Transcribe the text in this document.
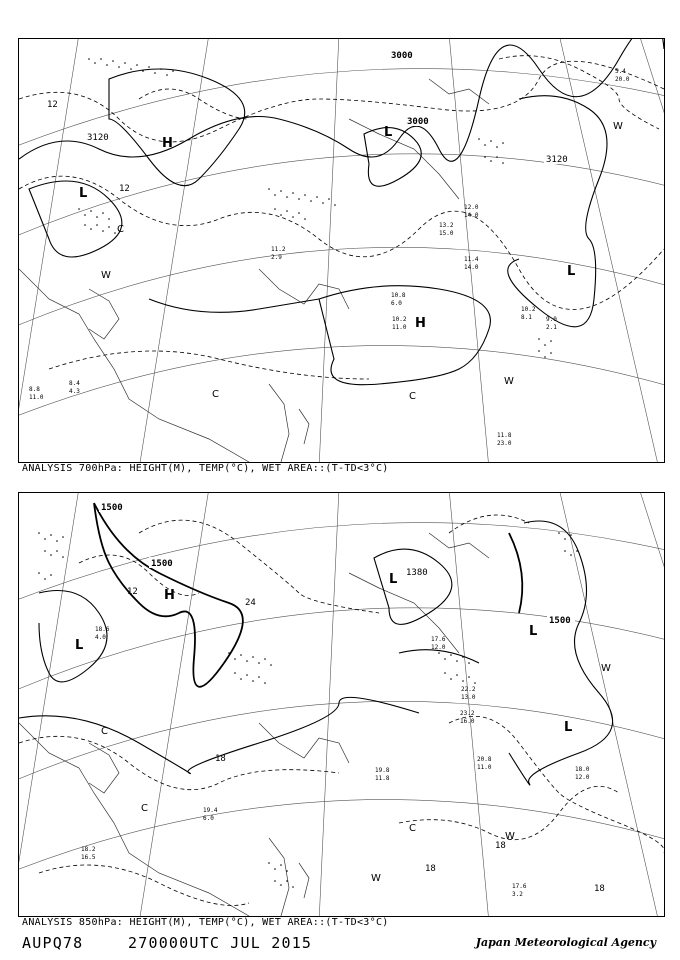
11.8
23.0
10.2
11.0
10.8
6.0
12.0
14.0
11.4
14.0
13.2
15.0
9.0
2.1
10.2
8.1
8.4
4.3
8.8
11.0
11.2
2.9
5.4
20.0
3000
3000
3120
3120
12
12
H
H
L
L
L
C
C	C
W
W
W
ANALYSIS 700hPa: HEIGHT(M), TEMP(°C), WET AREA::(T-TD<3°C)
17.6
3.2
19.8
11.8
18.0
12.0
20.8
11.0
22.2
13.0
23.2
16.0
19.4
6.0
17.6
12.0
18.2
16.5
18.6
4.0
1500
1500
1500
1380
18
18
18
18
12
24
H
L
L
L
L
C
C
C
W
W
W
ANALYSIS 850hPa: HEIGHT(M), TEMP(°C), WET AREA::(T-TD<3°C)
AUPQ78	270000UTC JUL 2015	Japan Meteorological Agency
